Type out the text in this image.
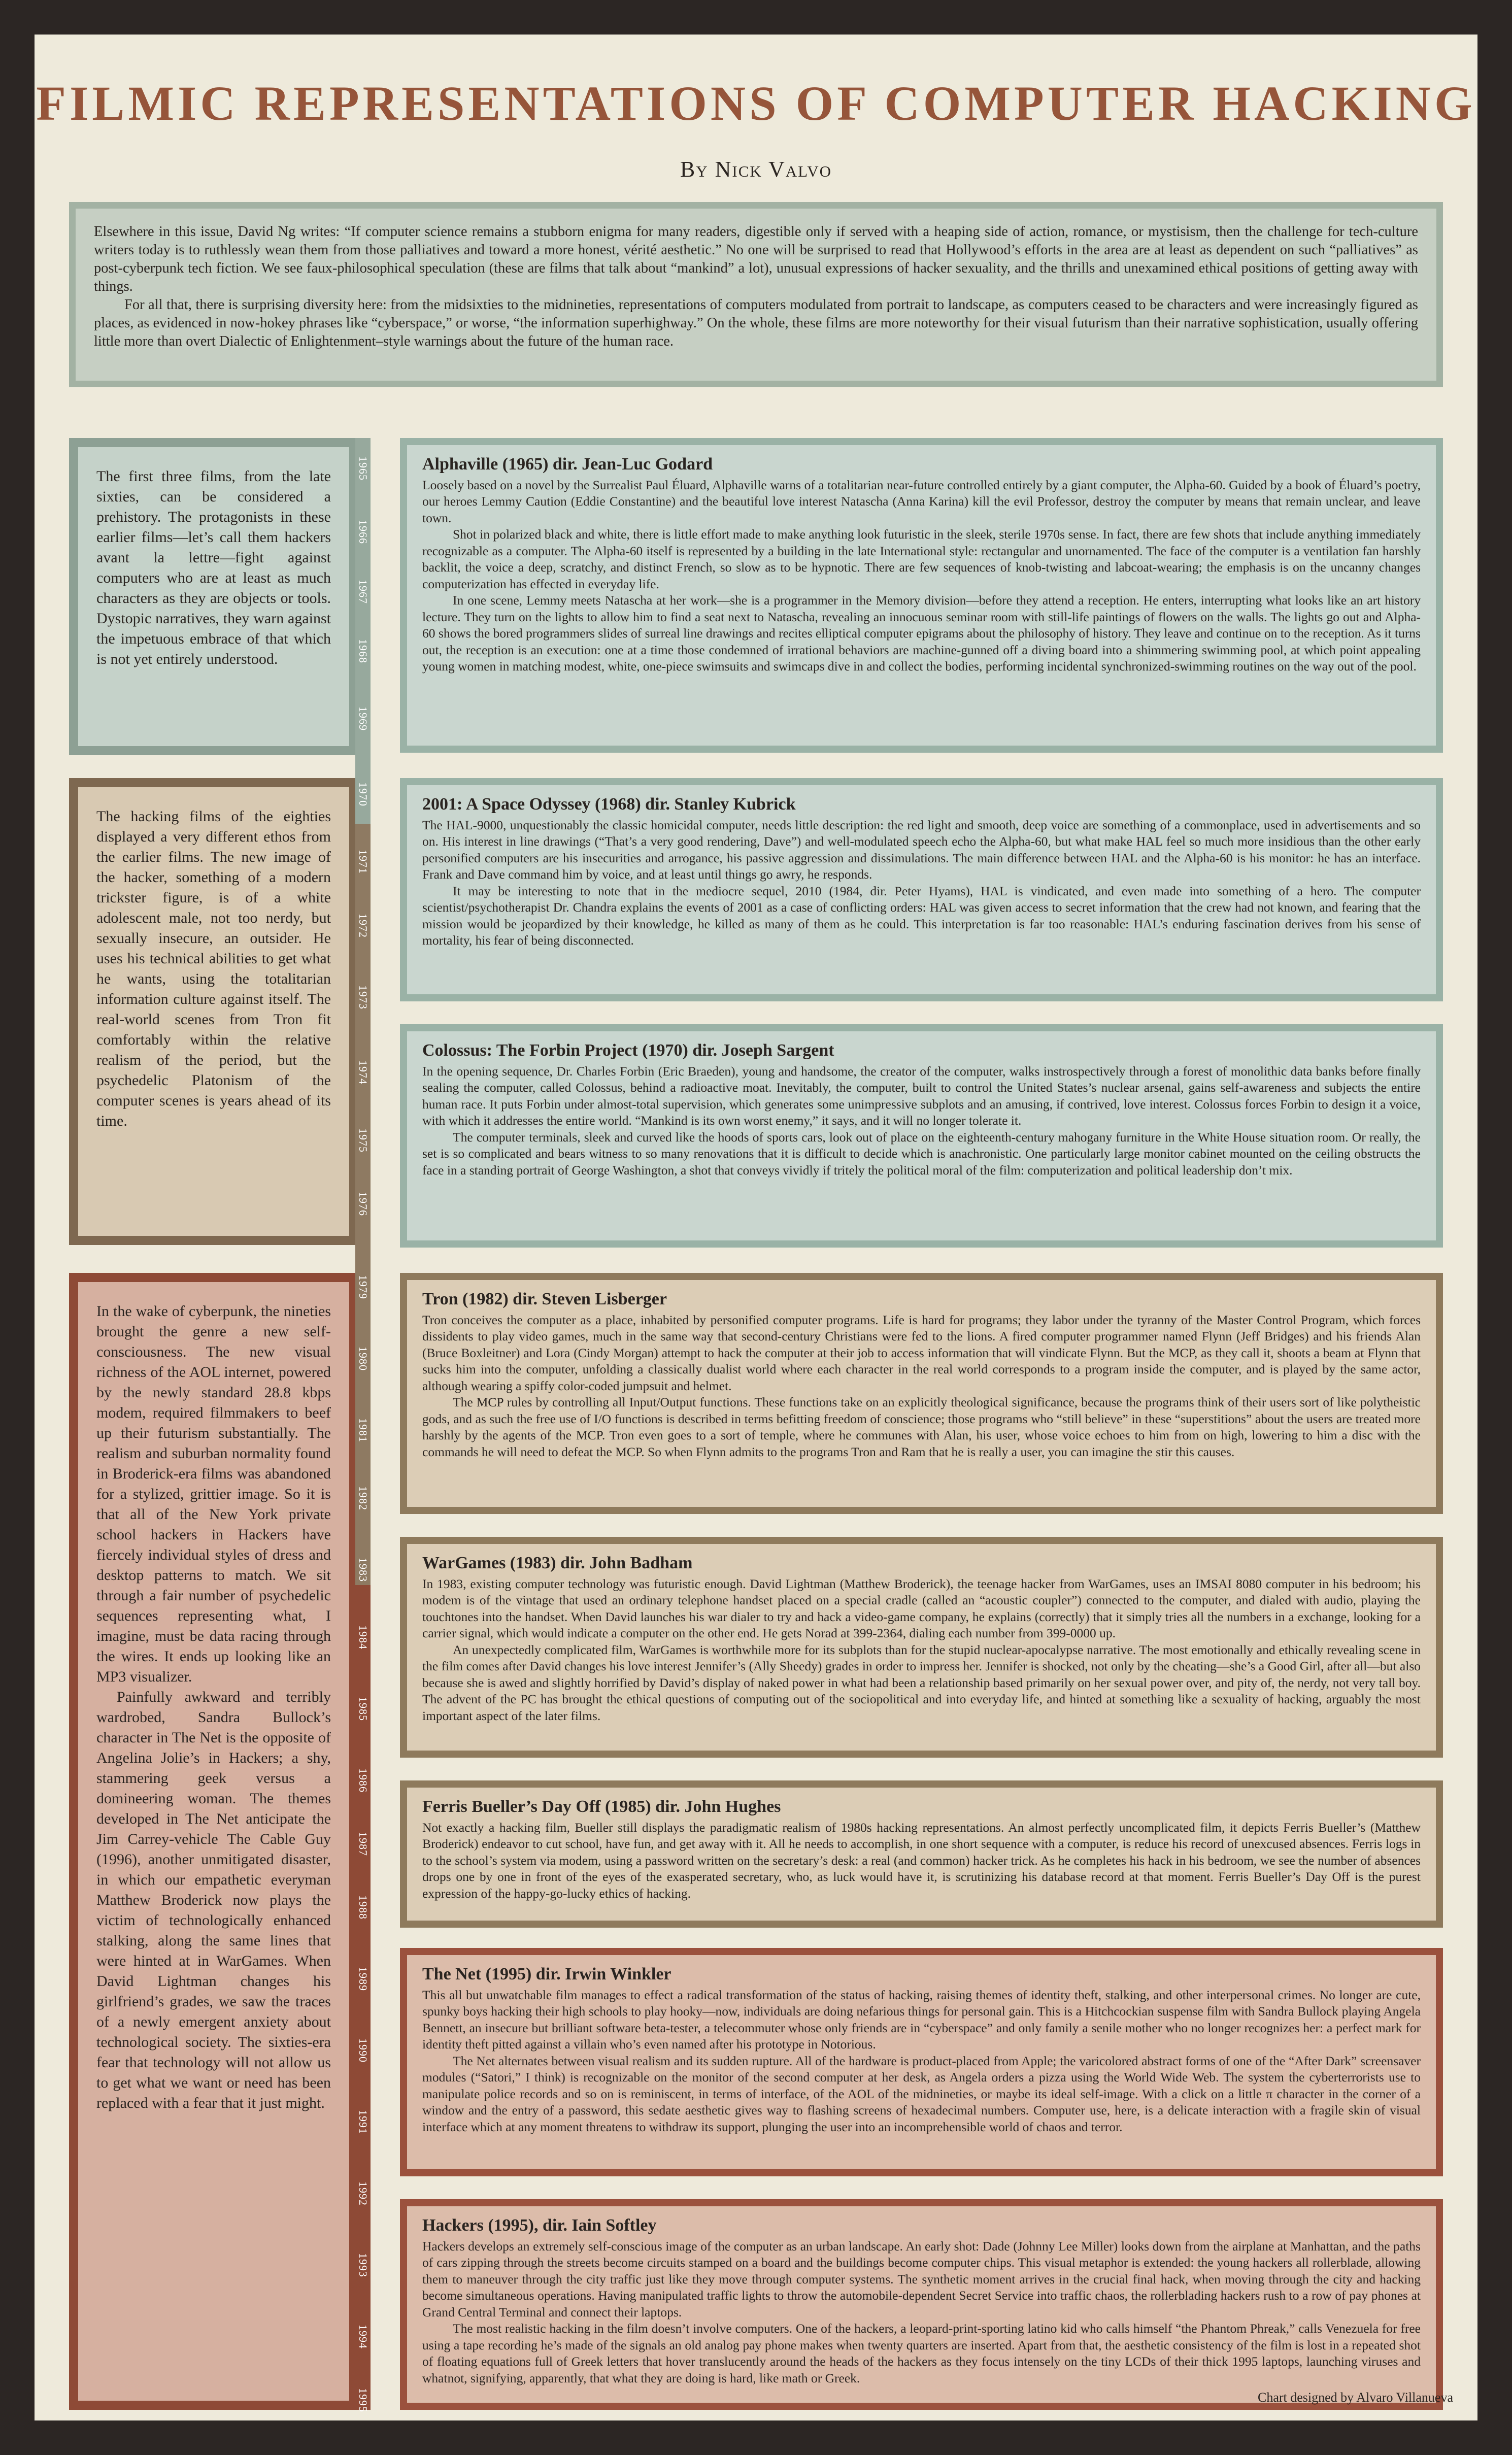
FILMIC REPRESENTATIONS OF COMPUTER HACKING
By Nick Valvo

Elsewhere in this issue, David Ng writes: “If computer science remains a stubborn enigma for many readers, digestible only if served with a heaping side of action, romance, or mystisism, then the challenge for tech-culture writers today is to ruthlessly wean them from those palliatives and toward a more honest, vérité aesthetic.” No one will be surprised to read that Hollywood’s efforts in the area are at least as dependent on such “palliatives” as post-cyberpunk tech fiction. We see faux-philosophical speculation (these are films that talk about “mankind” a lot), unusual expressions of hacker sexuality, and the thrills and unexamined ethical positions of getting away with things.

For all that, there is surprising diversity here: from the midsixties to the midnineties, representations of computers modulated from portrait to landscape, as computers ceased to be characters and were increasingly figured as places, as evidenced in now-hokey phrases like “cyberspace,” or worse, “the information superhighway.” On the whole, these films are more noteworthy for their visual futurism than their narrative sophistication, usually offering little more than overt Dialectic of Enlightenment–style warnings about the future of the human race.

The first three films, from the late sixties, can be considered a prehistory. The protagonists in these earlier films—let’s call them hackers avant la lettre—fight against computers who are at least as much characters as they are objects or tools. Dystopic narratives, they warn against the impetuous embrace of that which is not yet entirely understood.

The hacking films of the eighties displayed a very different ethos from the earlier films. The new image of the hacker, something of a modern trickster figure, is of a white adolescent male, not too nerdy, but sexually insecure, an outsider. He uses his technical abilities to get what he wants, using the totalitarian information culture against itself. The real-world scenes from Tron fit comfortably within the relative realism of the period, but the psychedelic Platonism of the computer scenes is years ahead of its time.

In the wake of cyberpunk, the nineties brought the genre a new self-consciousness. The new visual richness of the AOL internet, powered by the newly standard 28.8 kbps modem, required filmmakers to beef up their futurism substantially. The realism and suburban normality found in Broderick-era films was abandoned for a stylized, grittier image. So it is that all of the New York private school hackers in Hackers have fiercely individual styles of dress and desktop patterns to match. We sit through a fair number of psychedelic sequences representing what, I imagine, must be data racing through the wires. It ends up looking like an MP3 visualizer.

Painfully awkward and terribly wardrobed, Sandra Bullock’s character in The Net is the opposite of Angelina Jolie’s in Hackers; a shy, stammering geek versus a domineering woman. The themes developed in The Net anticipate the Jim Carrey-vehicle The Cable Guy (1996), another unmitigated disaster, in which our empathetic everyman Matthew Broderick now plays the victim of technologically enhanced stalking, along the same lines that were hinted at in WarGames. When David Lightman changes his girlfriend’s grades, we saw the traces of a newly emergent anxiety about technological society. The sixties-era fear that technology will not allow us to get what we want or need has been replaced with a fear that it just might.

1965
1966
1967
1968
1969
1970
1971
1972
1973
1974
1975
1976
1979
1980
1981
1982
1983
1984
1985
1986
1987
1988
1989
1990
1991
1992
1993
1994
1995
Alphaville (1965) dir. Jean-Luc Godard

Loosely based on a novel by the Surrealist Paul Éluard, Alphaville warns of a totalitarian near-future controlled entirely by a giant computer, the Alpha-60. Guided by a book of Éluard’s poetry, our heroes Lemmy Caution (Eddie Constantine) and the beautiful love interest Natascha (Anna Karina) kill the evil Professor, destroy the computer by means that remain unclear, and leave town.

Shot in polarized black and white, there is little effort made to make anything look futuristic in the sleek, sterile 1970s sense. In fact, there are few shots that include anything immediately recognizable as a computer. The Alpha-60 itself is represented by a building in the late International style: rectangular and unornamented. The face of the computer is a ventilation fan harshly backlit, the voice a deep, scratchy, and distinct French, so slow as to be hypnotic. There are few sequences of knob-twisting and labcoat-wearing; the emphasis is on the uncanny changes computerization has effected in everyday life.

In one scene, Lemmy meets Natascha at her work—she is a programmer in the Memory division—before they attend a reception. He enters, interrupting what looks like an art history lecture. They turn on the lights to allow him to find a seat next to Natascha, revealing an innocuous seminar room with still-life paintings of flowers on the walls. The lights go out and Alpha-60 shows the bored programmers slides of surreal line drawings and recites elliptical computer epigrams about the philosophy of history. They leave and continue on to the reception. As it turns out, the reception is an execution: one at a time those condemned of irrational behaviors are machine-gunned off a diving board into a shimmering swimming pool, at which point appealing young women in matching modest, white, one-piece swimsuits and swimcaps dive in and collect the bodies, performing incidental synchronized-swimming routines on the way out of the pool.

2001: A Space Odyssey (1968) dir. Stanley Kubrick

The HAL-9000, unquestionably the classic homicidal computer, needs little description: the red light and smooth, deep voice are something of a commonplace, used in advertisements and so on. His interest in line drawings (“That’s a very good rendering, Dave”) and well-modulated speech echo the Alpha-60, but what make HAL feel so much more insidious than the other early personified computers are his insecurities and arrogance, his passive aggression and dissimulations. The main difference between HAL and the Alpha-60 is his monitor: he has an interface. Frank and Dave command him by voice, and at least until things go awry, he responds.

It may be interesting to note that in the mediocre sequel, 2010 (1984, dir. Peter Hyams), HAL is vindicated, and even made into something of a hero. The computer scientist/psychotherapist Dr. Chandra explains the events of 2001 as a case of conflicting orders: HAL was given access to secret information that the crew had not known, and fearing that the mission would be jeopardized by their knowledge, he killed as many of them as he could. This interpretation is far too reasonable: HAL’s enduring fascination derives from his sense of mortality, his fear of being disconnected.

Colossus: The Forbin Project (1970) dir. Joseph Sargent

In the opening sequence, Dr. Charles Forbin (Eric Braeden), young and handsome, the creator of the computer, walks instrospectively through a forest of monolithic data banks before finally sealing the computer, called Colossus, behind a radioactive moat. Inevitably, the computer, built to control the United States’s nuclear arsenal, gains self-awareness and subjects the entire human race. It puts Forbin under almost-total supervision, which generates some unimpressive subplots and an amusing, if contrived, love interest. Colossus forces Forbin to design it a voice, with which it addresses the entire world. “Mankind is its own worst enemy,” it says, and it will no longer tolerate it.

The computer terminals, sleek and curved like the hoods of sports cars, look out of place on the eighteenth-century mahogany furniture in the White House situation room. Or really, the set is so complicated and bears witness to so many renovations that it is difficult to decide which is anachronistic. One particularly large monitor cabinet mounted on the ceiling obstructs the face in a standing portrait of George Washington, a shot that conveys vividly if tritely the political moral of the film: computerization and political leadership don’t mix.

Tron (1982) dir. Steven Lisberger

Tron conceives the computer as a place, inhabited by personified computer programs. Life is hard for programs; they labor under the tyranny of the Master Control Program, which forces dissidents to play video games, much in the same way that second-century Christians were fed to the lions. A fired computer programmer named Flynn (Jeff Bridges) and his friends Alan (Bruce Boxleitner) and Lora (Cindy Morgan) attempt to hack the computer at their job to access information that will vindicate Flynn. But the MCP, as they call it, shoots a beam at Flynn that sucks him into the computer, unfolding a classically dualist world where each character in the real world corresponds to a program inside the computer, and is played by the same actor, although wearing a spiffy color-coded jumpsuit and helmet.

The MCP rules by controlling all Input/Output functions. These functions take on an explicitly theological significance, because the programs think of their users sort of like polytheistic gods, and as such the free use of I/O functions is described in terms befitting freedom of conscience; those programs who “still believe” in these “superstitions” about the users are treated more harshly by the agents of the MCP. Tron even goes to a sort of temple, where he communes with Alan, his user, whose voice echoes to him from on high, lowering to him a disc with the commands he will need to defeat the MCP. So when Flynn admits to the programs Tron and Ram that he is really a user, you can imagine the stir this causes.

WarGames (1983) dir. John Badham

In 1983, existing computer technology was futuristic enough. David Lightman (Matthew Broderick), the teenage hacker from WarGames, uses an IMSAI 8080 computer in his bedroom; his modem is of the vintage that used an ordinary telephone handset placed on a special cradle (called an “acoustic coupler”) connected to the computer, and dialed with audio, playing the touchtones into the handset. When David launches his war dialer to try and hack a video-game company, he explains (correctly) that it simply tries all the numbers in a exchange, looking for a carrier signal, which would indicate a computer on the other end. He gets Norad at 399-2364, dialing each number from 399-0000 up.

An unexpectedly complicated film, WarGames is worthwhile more for its subplots than for the stupid nuclear-apocalypse narrative. The most emotionally and ethically revealing scene in the film comes after David changes his love interest Jennifer’s (Ally Sheedy) grades in order to impress her. Jennifer is shocked, not only by the cheating—she’s a Good Girl, after all—but also because she is awed and slightly horrified by David’s display of naked power in what had been a relationship based primarily on her sexual power over, and pity of, the nerdy, not very tall boy. The advent of the PC has brought the ethical questions of computing out of the sociopolitical and into everyday life, and hinted at something like a sexuality of hacking, arguably the most important aspect of the later films.

Ferris Bueller’s Day Off (1985) dir. John Hughes

Not exactly a hacking film, Bueller still displays the paradigmatic realism of 1980s hacking representations. An almost perfectly uncomplicated film, it depicts Ferris Bueller’s (Matthew Broderick) endeavor to cut school, have fun, and get away with it. All he needs to accomplish, in one short sequence with a computer, is reduce his record of unexcused absences. Ferris logs in to the school’s system via modem, using a password written on the secretary’s desk: a real (and common) hacker trick. As he completes his hack in his bedroom, we see the number of absences drops one by one in front of the eyes of the exasperated secretary, who, as luck would have it, is scrutinizing his database record at that moment. Ferris Bueller’s Day Off is the purest expression of the happy-go-lucky ethics of hacking.

The Net (1995) dir. Irwin Winkler

This all but unwatchable film manages to effect a radical transformation of the status of hacking, raising themes of identity theft, stalking, and other interpersonal crimes. No longer are cute, spunky boys hacking their high schools to play hooky—now, individuals are doing nefarious things for personal gain. This is a Hitchcockian suspense film with Sandra Bullock playing Angela Bennett, an insecure but brilliant software beta-tester, a telecommuter whose only friends are in “cyberspace” and only family a senile mother who no longer recognizes her: a perfect mark for identity theft pitted against a villain who’s even named after his prototype in Notorious.

The Net alternates between visual realism and its sudden rupture. All of the hardware is product-placed from Apple; the varicolored abstract forms of one of the “After Dark” screensaver modules (“Satori,” I think) is recognizable on the monitor of the second computer at her desk, as Angela orders a pizza using the World Wide Web. The system the cyberterrorists use to manipulate police records and so on is reminiscent, in terms of interface, of the AOL of the midnineties, or maybe its ideal self-image. With a click on a little π character in the corner of a window and the entry of a password, this sedate aesthetic gives way to flashing screens of hexadecimal numbers. Computer use, here, is a delicate interaction with a fragile skin of visual interface which at any moment threatens to withdraw its support, plunging the user into an incomprehensible world of chaos and terror.

Hackers (1995), dir. Iain Softley

Hackers develops an extremely self-conscious image of the computer as an urban landscape. An early shot: Dade (Johnny Lee Miller) looks down from the airplane at Manhattan, and the paths of cars zipping through the streets become circuits stamped on a board and the buildings become computer chips. This visual metaphor is extended: the young hackers all rollerblade, allowing them to maneuver through the city traffic just like they move through computer systems. The synthetic moment arrives in the crucial final hack, when moving through the city and hacking become simultaneous operations. Having manipulated traffic lights to throw the automobile-dependent Secret Service into traffic chaos, the rollerblading hackers rush to a row of pay phones at Grand Central Terminal and connect their laptops.

The most realistic hacking in the film doesn’t involve computers. One of the hackers, a leopard-print-sporting latino kid who calls himself “the Phantom Phreak,” calls Venezuela for free using a tape recording he’s made of the signals an old analog pay phone makes when twenty quarters are inserted. Apart from that, the aesthetic consistency of the film is lost in a repeated shot of floating equations full of Greek letters that hover translucently around the heads of the hackers as they focus intensely on the tiny LCDs of their thick 1995 laptops, launching viruses and whatnot, signifying, apparently, that what they are doing is hard, like math or Greek.

Chart designed by Alvaro Villanueva
